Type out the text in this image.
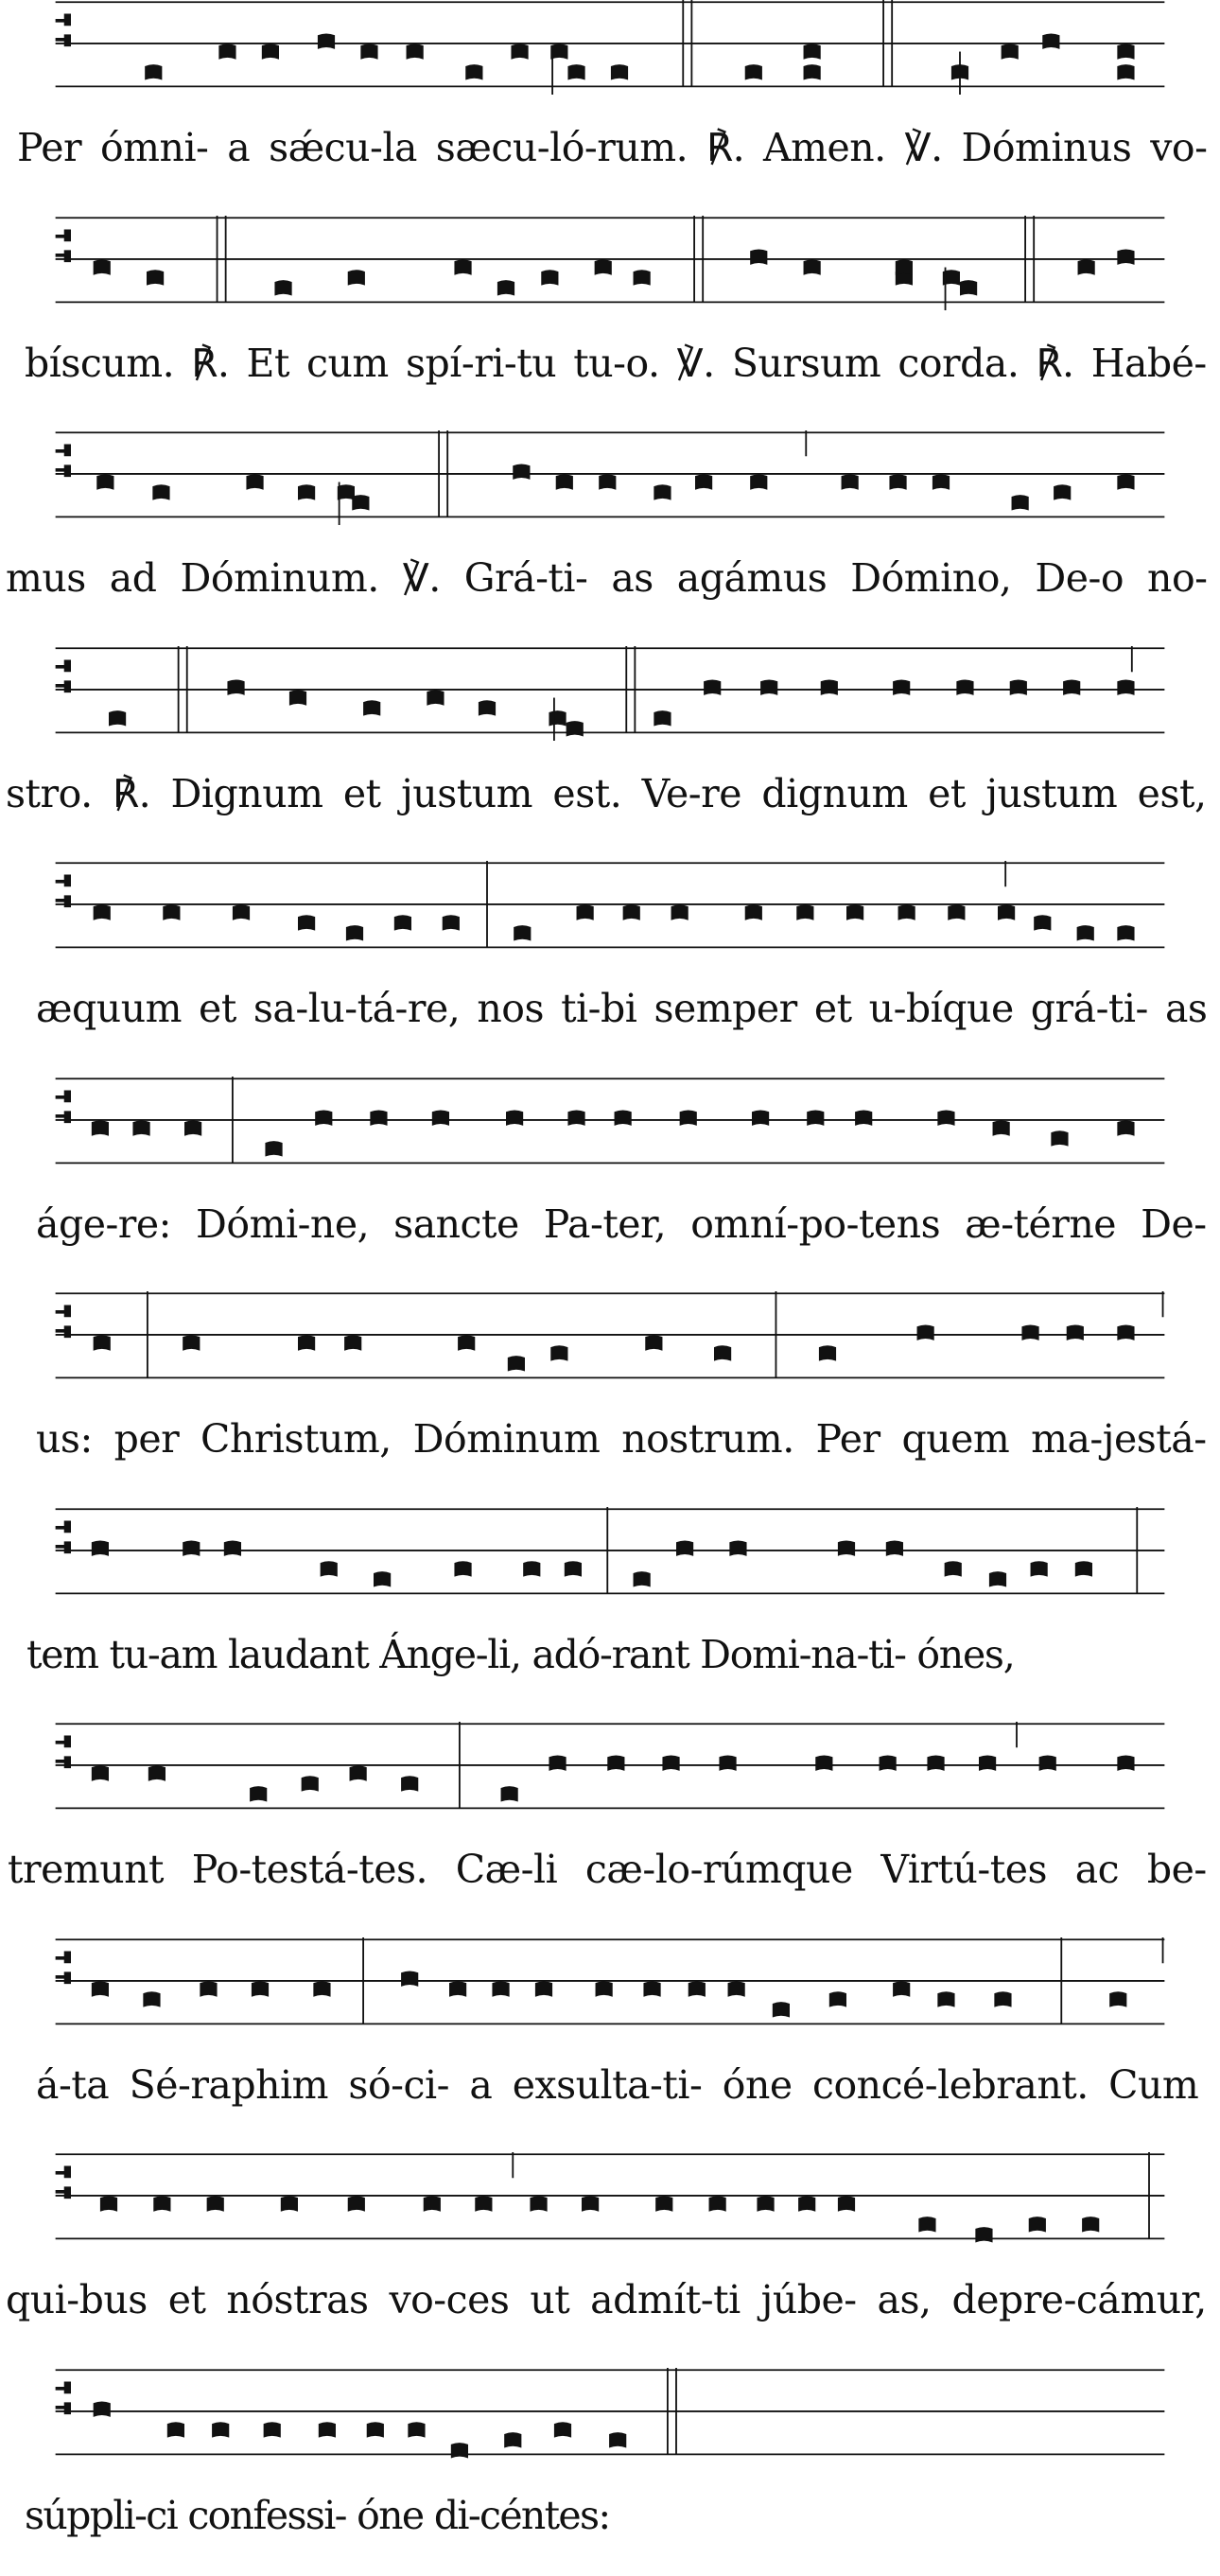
Per ómni- a sǽcu-la sæcu-ló-rum. ℟. Amen. ℣. Dóminus vo-
bíscum. ℟. Et cum spí-ri-tu tu-o. ℣. Sursum corda. ℟. Habé-
mus ad Dóminum. ℣. Grá-ti- as agámus Dómino, De-o no-
stro. ℟. Dignum et justum est. Ve-re dignum et justum est,
æquum et sa-lu-tá-re, nos ti-bi semper et u-bíque grá-ti- as
áge-re: Dómi-ne, sancte Pa-ter, omní-po-tens æ-térne De-
us: per Christum, Dóminum nostrum. Per quem ma-jestá-
tem tu-am laudant Ánge-li, adó-rant Domi-na-ti- ónes,
tremunt Po-testá-tes. Cæ-li cæ-lo-rúmque Virtú-tes ac be-
á-ta Sé-raphim só-ci- a exsulta-ti- óne concé-lebrant. Cum
qui-bus et nóstras vo-ces ut admít-ti júbe- as, depre-cámur,
súppli-ci confessi- óne di-céntes:
